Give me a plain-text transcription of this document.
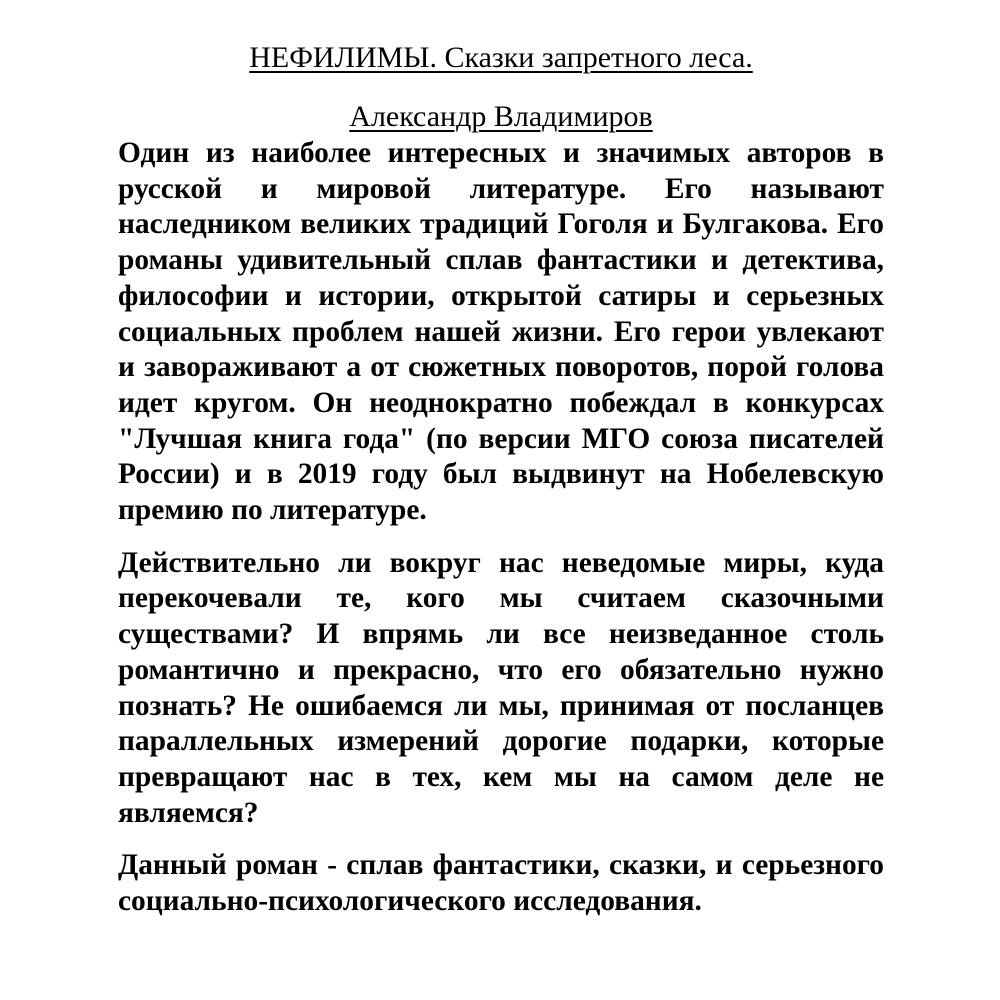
НЕФИЛИМЫ. Сказки запретного леса.
Александр Владимиров

Один из наиболее интересных и значимых авторов в русской и мировой литературе. Его называют наследником великих традиций Гоголя и Булгакова. Его романы удивительный сплав фантастики и детектива, философии и истории, открытой сатиры и серьезных социальных проблем нашей жизни. Его герои увлекают и завораживают а от сюжетных поворотов, порой голова идет кругом. Он неоднократно побеждал в конкурсах "Лучшая книга года" (по версии МГО союза писателей России) и в 2019 году был выдвинут на Нобелевскую премию по литературе.

Действительно ли вокруг нас неведомые миры, куда перекочевали те, кого мы считаем сказочными существами? И впрямь ли все неизведанное столь романтично и прекрасно, что его обязательно нужно познать? Не ошибаемся ли мы, принимая от посланцев параллельных измерений дорогие подарки, которые превращают нас в тех, кем мы на самом деле не являемся?

Данный роман - сплав фантастики, сказки, и серьезного социально-психологического исследования.
